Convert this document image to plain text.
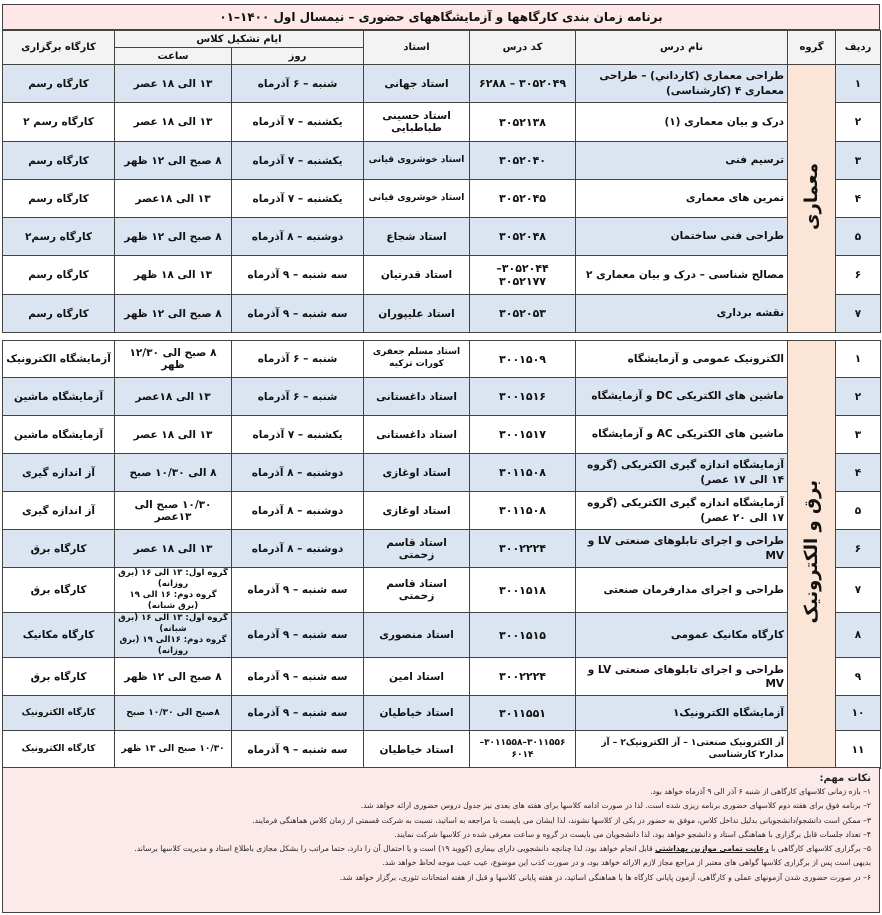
برنامه زمان بندی کارگاهها و آزمایشگاههای حضوری – نیمسال اول ۱۴۰۰–۰۱
ردیف	گروه	نام درس	کد درس	استاد	ایام تشکیل کلاس		کارگاه برگزاری
					روز	ساعت	
۱	معماری	طراحی معماری (کارداني) – طراحی معماری ۴ (کارشناسی)	۳۰۵۲۰۴۹ – ۶۲۸۸	استاد جهانی	شنبه – ۶ آذرماه	۱۳ الی ۱۸ عصر	کارگاه رسم
۲		درک و بیان معماری (۱)	۳۰۵۲۱۳۸	استاد حسینی طباطبایی	یکشنبه – ۷ آذرماه	۱۳ الی ۱۸ عصر	کارگاه رسم ۲
۳		ترسیم فنی	۳۰۵۲۰۴۰	استاد خوشروی قیانی	یکشنبه – ۷ آذرماه	۸ صبح الی ۱۲ ظهر	کارگاه رسم
۴		تمرین های معماری	۳۰۵۲۰۴۵	استاد خوشروی قیانی	یکشنبه – ۷ آذرماه	۱۳ الی ۱۸عصر	کارگاه رسم
۵		طراحی فنی ساختمان	۳۰۵۲۰۴۸	استاد شجاع	دوشنبه – ۸ آذرماه	۸ صبح الی ۱۲ ظهر	کارگاه رسم۲
۶		مصالح شناسی – درک و بیان معماری ۲	۳۰۵۲۰۴۴–۳۰۵۲۱۷۷	استاد قدرتیان	سه شنبه – ۹ آذرماه	۱۳ الی ۱۸ ظهر	کارگاه رسم
۷		نقشه برداری	۳۰۵۲۰۵۳	استاد علیپوران	سه شنبه – ۹ آذرماه	۸ صبح الی ۱۲ ظهر	کارگاه رسم

۱	برق و الکترونیک	الکترونیک عمومی و آزمایشگاه	۳۰۰۱۵۰۹	استاد مسلم جعفری کورات ترکیه	شنبه – ۶ آذرماه	۸ صبح الی ۱۲/۳۰ ظهر	آزمایشگاه الکترونیک
۲		ماشین های الکتریکی DC و آزمایشگاه	۳۰۰۱۵۱۶	استاد داغستانی	شنبه – ۶ آذرماه	۱۳ الی ۱۸عصر	آزمایشگاه ماشین
۳		ماشین های الکتریکی AC و آزمایشگاه	۳۰۰۱۵۱۷	استاد داغستانی	یکشنبه – ۷ آذرماه	۱۳ الی ۱۸ عصر	آزمایشگاه ماشین
۴		آزمایشگاه اندازه گیری الکتریکی (گروه ۱۴ الی ۱۷ عصر)	۳۰۱۱۵۰۸	استاد اوغازی	دوشنبه – ۸ آذرماه	۸ الی ۱۰/۳۰ صبح	آز اندازه گیری
۵		آزمایشگاه اندازه گیری الکتریکی (گروه ۱۷ الی ۲۰ عصر)	۳۰۱۱۵۰۸	استاد اوغازی	دوشنبه – ۸ آذرماه	۱۰/۳۰ صبح الی ۱۳عصر	آز اندازه گیری
۶		طراحی و اجرای تابلوهای صنعتی LV و MV	۳۰۰۲۲۲۴	استاد قاسم زحمتی	دوشنبه – ۸ آذرماه	۱۳ الی ۱۸ عصر	کارگاه برق
۷		طراحی و اجرای مدارفرمان صنعتی	۳۰۰۱۵۱۸	استاد قاسم زحمتی	سه شنبه – ۹ آذرماه	گروه اول: ۱۳ الی ۱۶ (برق روزانه)
گروه دوم: ۱۶ الی ۱۹ (برق شبانه)	کارگاه برق
۸		کارگاه مکانیک عمومی	۳۰۰۱۵۱۵	استاد منصوری	سه شنبه – ۹ آذرماه	گروه اول: ۱۳ الی ۱۶ (برق شبانه)
گروه دوم: ۱۶الی ۱۹ (برق روزانه)	کارگاه مکانیک
۹		طراحی و اجرای تابلوهای صنعتی LV و MV	۳۰۰۲۲۲۴	استاد امین	سه شنبه – ۹ آذرماه	۸ صبح الی ۱۲ ظهر	کارگاه برق
۱۰		آزمایشگاه الکترونیک۱	۳۰۱۱۵۵۱	استاد خیاطیان	سه شنبه – ۹ آذرماه	۸صبح الی ۱۰/۳۰ صبح	کارگاه الکترونیک
۱۱		آز الکترونیک صنعتی۱ – آز الکترونیک۲ – آز مدار۲ کارشناسی	۳۰۱۱۵۵۶–۳۰۱۱۵۵۸– ۶۰۱۴	استاد خیاطیان	سه شنبه – ۹ آذرماه	۱۰/۳۰ صبح الی ۱۳ ظهر	کارگاه الکترونیک
نکات مهم:
۱– بازه زمانی کلاسهای کارگاهی از شنبه ۶ آذر الی ۹ آذرماه خواهد بود.
۲– برنامه فوق برای هفته دوم کلاسهای حضوری برنامه ریزی شده است. لذا در صورت ادامه کلاسها برای هفته های بعدی نیز جدول دروس حضوری ارائه خواهد شد.
۳– ممکن است دانشجو/دانشجویانی بدلیل تداخل کلاس، موفق به حضور در یکی از کلاسها نشوند، لذا ایشان می بایست با مراجعه به اساتید، نسبت به شرکت قسمتی از زمان کلاس هماهنگی فرمایند.
۴– تعداد جلسات قابل برگزاری با هماهنگی استاد و دانشجو خواهد بود، لذا دانشجویان می بایست در گروه و ساعت معرفی شده در کلاسها شرکت نمایند.
۵– برگزاری کلاسهای کارگاهی با رعایت تمامی موازین بهداشتی قابل انجام خواهد بود، لذا چنانچه دانشجویی دارای بیماری (کووید ۱۹) است و یا احتمال آن را دارد، حتما مراتب را بشکل مجازی باطلاع استاد و مدیریت کلاسها برساند.
بدیهی است پس از برگزاری کلاسها گواهی های معتبر از مراجع مجاز لازم الارائه خواهد بود، و در صورت کذب این موضوع، عیب عیب موجه لحاظ خواهد شد.
۶– در صورت حضوری شدن آزمونهای عملی و کارگاهی، آزمون پایانی کارگاه ها با هماهنگی اساتید، در هفته پایانی کلاسها و قبل از هفته امتحانات تئوری، برگزار خواهد شد.
